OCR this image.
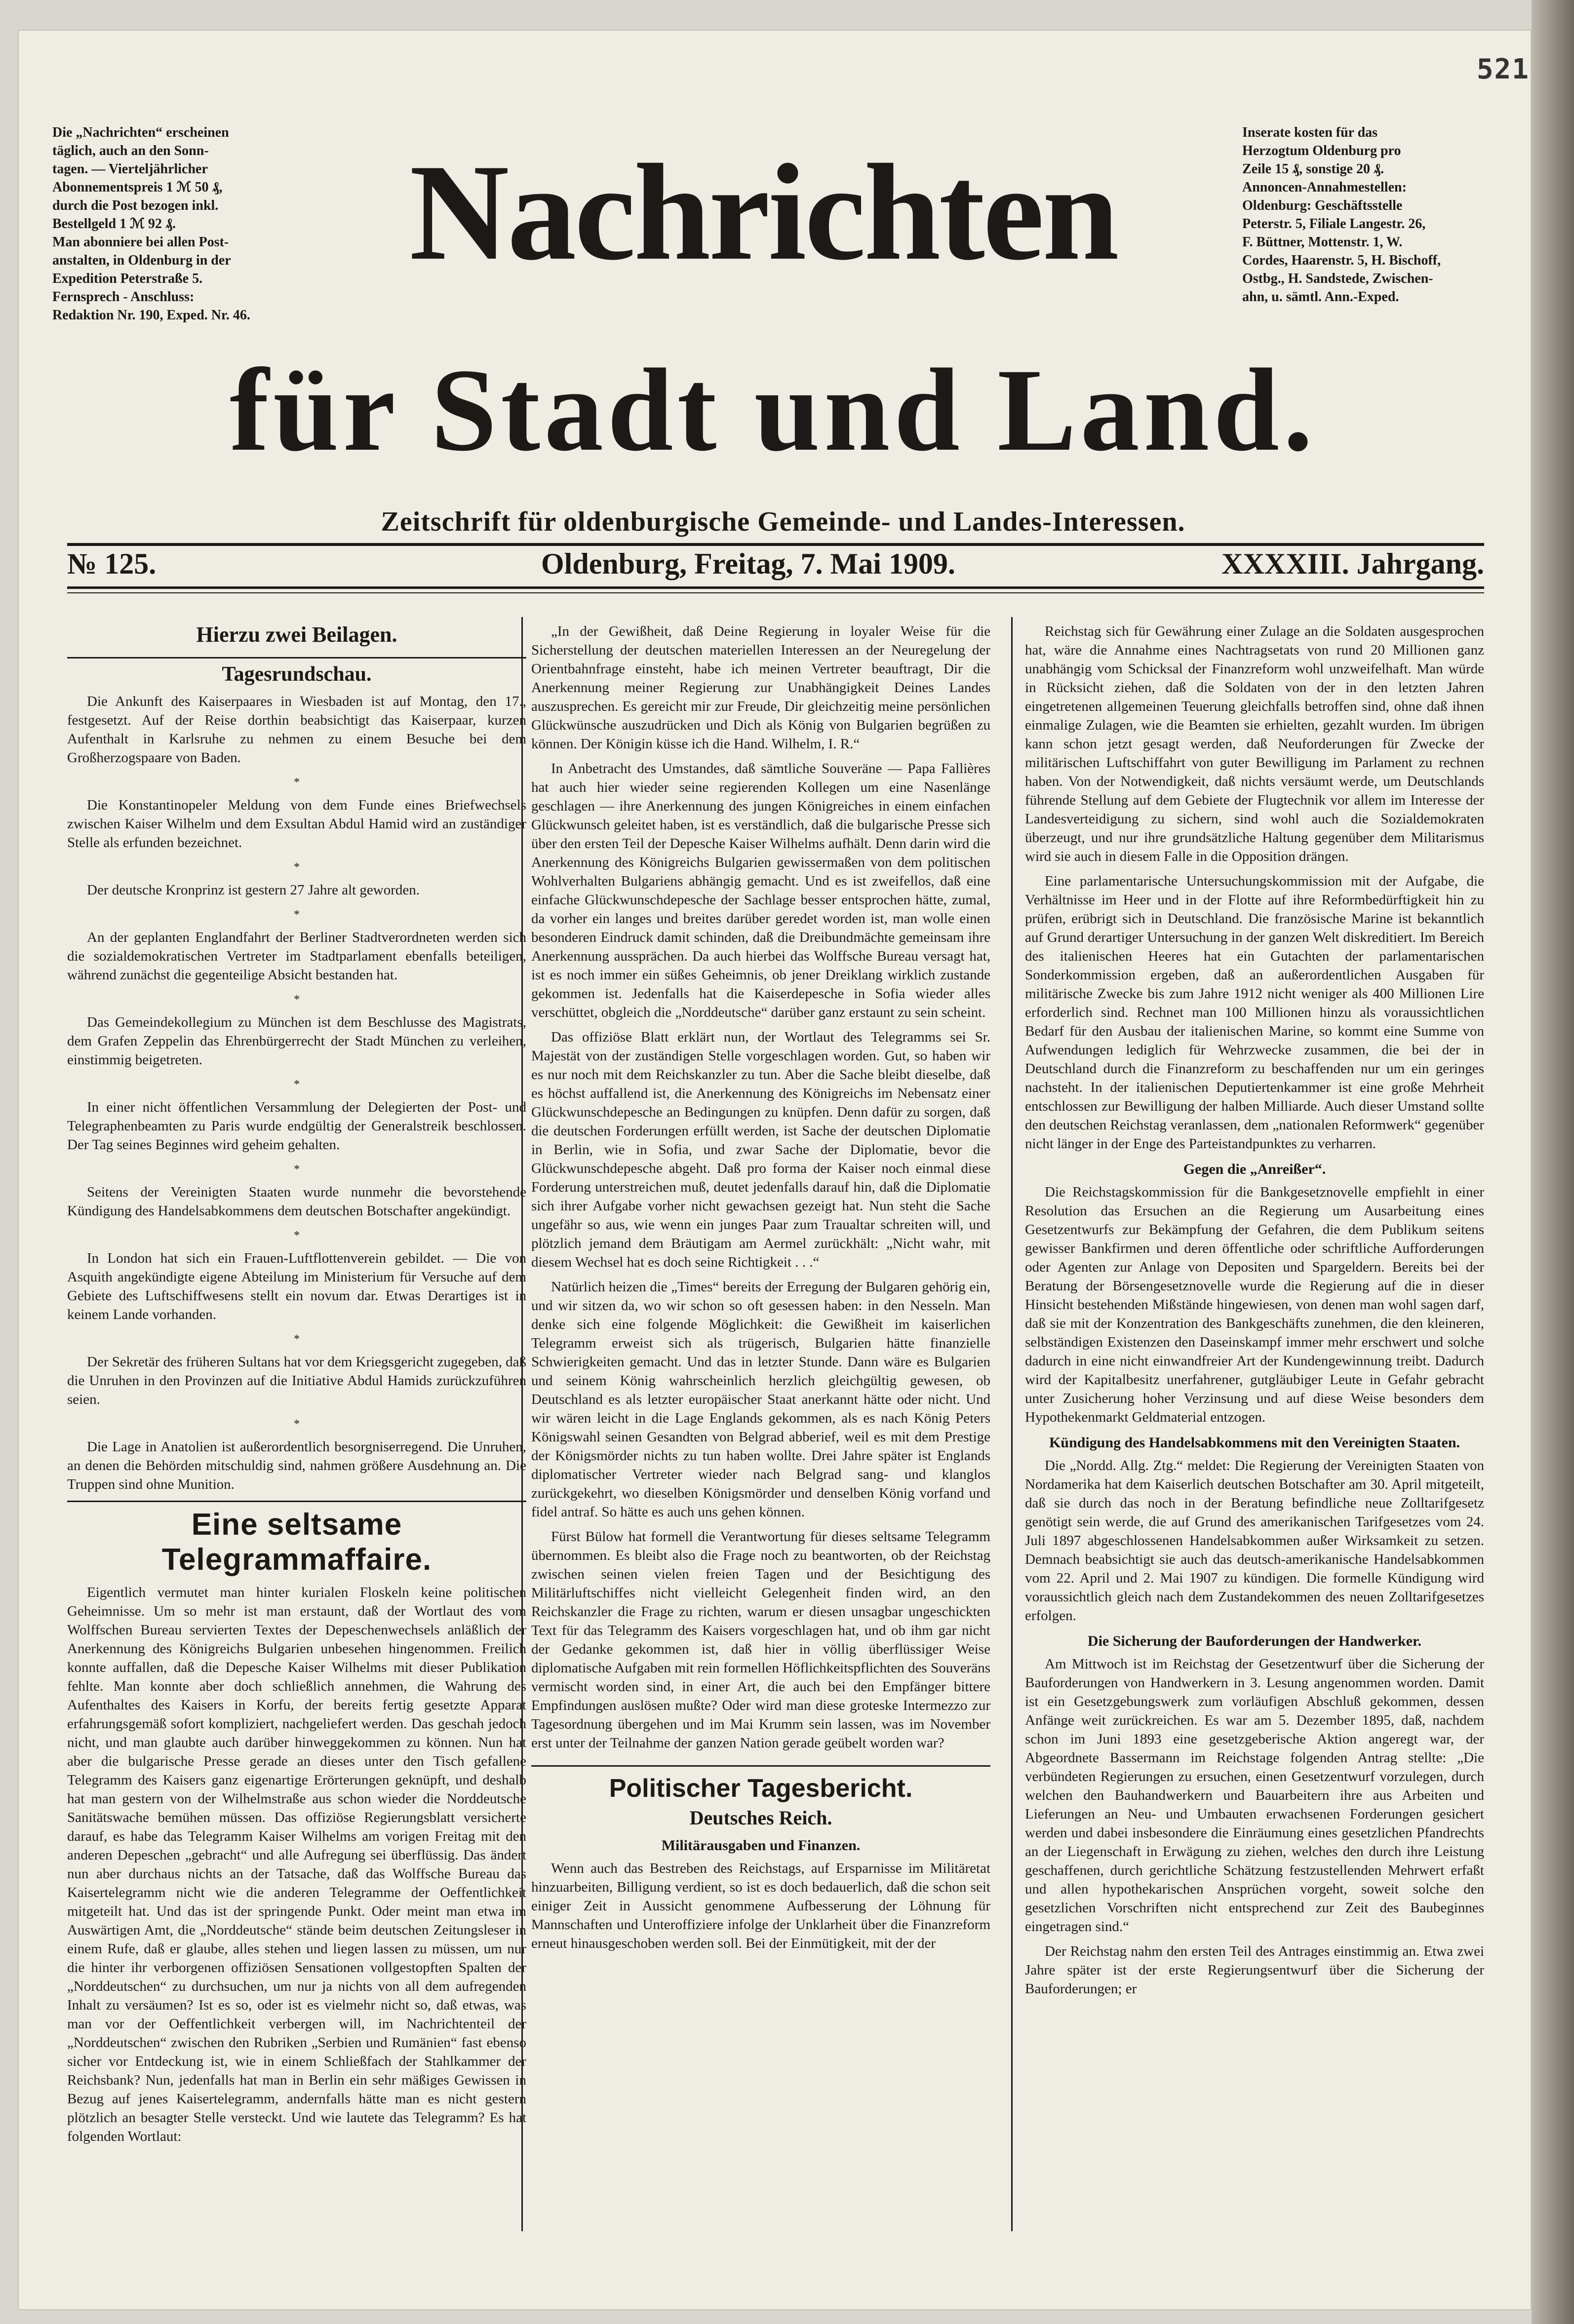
Die „Nachrichten“ erscheinen

täglich, auch an den Sonn-

tagen. — Vierteljährlicher

Abonnementspreis 1 ℳ 50 ₰,

durch die Post bezogen inkl.

Bestellgeld 1 ℳ 92 ₰.

Man abonniere bei allen Post-

anstalten, in Oldenburg in der

Expedition Peterstraße 5.

Fernsprech - Anschluss:

Redaktion Nr. 190, Exped. Nr. 46.

Inserate kosten für das

Herzogtum Oldenburg pro

Zeile 15 ₰, sonstige 20 ₰.

Annoncen-Annahmestellen:

Oldenburg: Geschäftsstelle

Peterstr. 5, Filiale Langestr. 26,

F. Büttner, Mottenstr. 1, W.

Cordes, Haarenstr. 5, H. Bischoff,

Ostbg., H. Sandstede, Zwischen-

ahn, u. sämtl. Ann.-Exped.

Nachrichten
für Stadt und Land.
Zeitschrift für oldenburgische Gemeinde- und Landes-Interessen.
№ 125.	Oldenburg, Freitag, 7. Mai 1909.	XXXXIII. Jahrgang.
Hierzu zwei Beilagen.
Tagesrundschau.

Die Ankunft des Kaiserpaares in Wiesbaden ist auf Montag, den 17., festgesetzt. Auf der Reise dorthin beabsichtigt das Kaiserpaar, kurzen Aufenthalt in Karlsruhe zu nehmen zu einem Besuche bei dem Großherzogspaare von Baden.

*

Die Konstantinopeler Meldung von dem Funde eines Briefwechsels zwischen Kaiser Wilhelm und dem Exsultan Abdul Hamid wird an zuständiger Stelle als erfunden bezeichnet.

*

Der deutsche Kronprinz ist gestern 27 Jahre alt geworden.

*

An der geplanten Englandfahrt der Berliner Stadtverordneten werden sich die sozialdemokratischen Vertreter im Stadtparlament ebenfalls beteiligen, während zunächst die gegenteilige Absicht bestanden hat.

*

Das Gemeindekollegium zu München ist dem Beschlusse des Magistrats, dem Grafen Zeppelin das Ehrenbürgerrecht der Stadt München zu verleihen, einstimmig beigetreten.

*

In einer nicht öffentlichen Versammlung der Delegierten der Post- und Telegraphenbeamten zu Paris wurde endgültig der Generalstreik beschlossen. Der Tag seines Beginnes wird geheim gehalten.

*

Seitens der Vereinigten Staaten wurde nunmehr die bevorstehende Kündigung des Handelsabkommens dem deutschen Botschafter angekündigt.

*

In London hat sich ein Frauen-Luftflottenverein gebildet. — Die von Asquith angekündigte eigene Abteilung im Ministerium für Versuche auf dem Gebiete des Luftschiffwesens stellt ein novum dar. Etwas Derartiges ist in keinem Lande vorhanden.

*

Der Sekretär des früheren Sultans hat vor dem Kriegsgericht zugegeben, daß die Unruhen in den Provinzen auf die Initiative Abdul Hamids zurückzuführen seien.

*

Die Lage in Anatolien ist außerordentlich besorgniserregend. Die Unruhen, an denen die Behörden mitschuldig sind, nahmen größere Ausdehnung an. Die Truppen sind ohne Munition.

Eine seltsame Telegrammaffaire.

Eigentlich vermutet man hinter kurialen Floskeln keine politischen Geheimnisse. Um so mehr ist man erstaunt, daß der Wortlaut des vom Wolffschen Bureau servierten Textes der Depeschenwechsels anläßlich der Anerkennung des Königreichs Bulgarien unbesehen hingenommen. Freilich konnte auffallen, daß die Depesche Kaiser Wilhelms mit dieser Publikation fehlte. Man konnte aber doch schließlich annehmen, die Wahrung des Aufenthaltes des Kaisers in Korfu, der bereits fertig gesetzte Apparat erfahrungsgemäß sofort kompliziert, nachgeliefert werden. Das geschah jedoch nicht, und man glaubte auch darüber hinweggekommen zu können. Nun hat aber die bulgarische Presse gerade an dieses unter den Tisch gefallene Telegramm des Kaisers ganz eigenartige Erörterungen geknüpft, und deshalb hat man gestern von der Wilhelmstraße aus schon wieder die Norddeutsche Sanitätswache bemühen müssen. Das offiziöse Regierungsblatt versicherte darauf, es habe das Telegramm Kaiser Wilhelms am vorigen Freitag mit den anderen Depeschen „gebracht“ und alle Aufregung sei überflüssig. Das ändert nun aber durchaus nichts an der Tatsache, daß das Wolffsche Bureau das Kaisertelegramm nicht wie die anderen Telegramme der Oeffentlichkeit mitgeteilt hat. Und das ist der springende Punkt. Oder meint man etwa im Auswärtigen Amt, die „Norddeutsche“ stände beim deutschen Zeitungsleser in einem Rufe, daß er glaube, alles stehen und liegen lassen zu müssen, um nur die hinter ihr verborgenen offiziösen Sensationen vollgestopften Spalten der „Norddeutschen“ zu durchsuchen, um nur ja nichts von all dem aufregenden Inhalt zu versäumen? Ist es so, oder ist es vielmehr nicht so, daß etwas, was man vor der Oeffentlichkeit verbergen will, im Nachrichtenteil der „Norddeutschen“ zwischen den Rubriken „Serbien und Rumänien“ fast ebenso sicher vor Entdeckung ist, wie in einem Schließfach der Stahlkammer der Reichsbank? Nun, jedenfalls hat man in Berlin ein sehr mäßiges Gewissen in Bezug auf jenes Kaisertelegramm, andernfalls hätte man es nicht gestern plötzlich an besagter Stelle versteckt. Und wie lautete das Telegramm? Es hat folgenden Wortlaut:

„In der Gewißheit, daß Deine Regierung in loyaler Weise für die Sicherstellung der deutschen materiellen Interessen an der Neuregelung der Orientbahnfrage einsteht, habe ich meinen Vertreter beauftragt, Dir die Anerkennung meiner Regierung zur Unabhängigkeit Deines Landes auszusprechen. Es gereicht mir zur Freude, Dir gleichzeitig meine persönlichen Glückwünsche auszudrücken und Dich als König von Bulgarien begrüßen zu können. Der Königin küsse ich die Hand. Wilhelm, I. R.“

In Anbetracht des Umstandes, daß sämtliche Souveräne — Papa Fallières hat auch hier wieder seine regierenden Kollegen um eine Nasenlänge geschlagen — ihre Anerkennung des jungen Königreiches in einem einfachen Glückwunsch geleitet haben, ist es verständlich, daß die bulgarische Presse sich über den ersten Teil der Depesche Kaiser Wilhelms aufhält. Denn darin wird die Anerkennung des Königreichs Bulgarien gewissermaßen von dem politischen Wohlverhalten Bulgariens abhängig gemacht. Und es ist zweifellos, daß eine einfache Glückwunschdepesche der Sachlage besser entsprochen hätte, zumal, da vorher ein langes und breites darüber geredet worden ist, man wolle einen besonderen Eindruck damit schinden, daß die Dreibundmächte gemeinsam ihre Anerkennung aussprächen. Da auch hierbei das Wolffsche Bureau versagt hat, ist es noch immer ein süßes Geheimnis, ob jener Dreiklang wirklich zustande gekommen ist. Jedenfalls hat die Kaiserdepesche in Sofia wieder alles verschüttet, obgleich die „Norddeutsche“ darüber ganz erstaunt zu sein scheint.

Das offiziöse Blatt erklärt nun, der Wortlaut des Telegramms sei Sr. Majestät von der zuständigen Stelle vorgeschlagen worden. Gut, so haben wir es nur noch mit dem Reichskanzler zu tun. Aber die Sache bleibt dieselbe, daß es höchst auffallend ist, die Anerkennung des Königreichs im Nebensatz einer Glückwunschdepesche an Bedingungen zu knüpfen. Denn dafür zu sorgen, daß die deutschen Forderungen erfüllt werden, ist Sache der deutschen Diplomatie in Berlin, wie in Sofia, und zwar Sache der Diplomatie, bevor die Glückwunschdepesche abgeht. Daß pro forma der Kaiser noch einmal diese Forderung unterstreichen muß, deutet jedenfalls darauf hin, daß die Diplomatie sich ihrer Aufgabe vorher nicht gewachsen gezeigt hat. Nun steht die Sache ungefähr so aus, wie wenn ein junges Paar zum Traualtar schreiten will, und plötzlich jemand dem Bräutigam am Aermel zurückhält: „Nicht wahr, mit diesem Wechsel hat es doch seine Richtigkeit . . .“

Natürlich heizen die „Times“ bereits der Erregung der Bulgaren gehörig ein, und wir sitzen da, wo wir schon so oft gesessen haben: in den Nesseln. Man denke sich eine folgende Möglichkeit: die Gewißheit im kaiserlichen Telegramm erweist sich als trügerisch, Bulgarien hätte finanzielle Schwierigkeiten gemacht. Und das in letzter Stunde. Dann wäre es Bulgarien und seinem König wahrscheinlich herzlich gleichgültig gewesen, ob Deutschland es als letzter europäischer Staat anerkannt hätte oder nicht. Und wir wären leicht in die Lage Englands gekommen, als es nach König Peters Königswahl seinen Gesandten von Belgrad abberief, weil es mit dem Prestige der Königsmörder nichts zu tun haben wollte. Drei Jahre später ist Englands diplomatischer Vertreter wieder nach Belgrad sang- und klanglos zurückgekehrt, wo dieselben Königsmörder und denselben König vorfand und fidel antraf. So hätte es auch uns gehen können.

Fürst Bülow hat formell die Verantwortung für dieses seltsame Telegramm übernommen. Es bleibt also die Frage noch zu beantworten, ob der Reichstag zwischen seinen vielen freien Tagen und der Besichtigung des Militärluftschiffes nicht vielleicht Gelegenheit finden wird, an den Reichskanzler die Frage zu richten, warum er diesen unsagbar ungeschickten Text für das Telegramm des Kaisers vorgeschlagen hat, und ob ihm gar nicht der Gedanke gekommen ist, daß hier in völlig überflüssiger Weise diplomatische Aufgaben mit rein formellen Höflichkeitspflichten des Souveräns vermischt worden sind, in einer Art, die auch bei den Empfänger bittere Empfindungen auslösen mußte? Oder wird man diese groteske Intermezzo zur Tagesordnung übergehen und im Mai Krumm sein lassen, was im November erst unter der Teilnahme der ganzen Nation gerade geübelt worden war?

Politischer Tagesbericht.
Deutsches Reich.
Militärausgaben und Finanzen.

Wenn auch das Bestreben des Reichstags, auf Ersparnisse im Militäretat hinzuarbeiten, Billigung verdient, so ist es doch bedauerlich, daß die schon seit einiger Zeit in Aussicht genommene Aufbesserung der Löhnung für Mannschaften und Unteroffiziere infolge der Unklarheit über die Finanzreform erneut hinausgeschoben werden soll. Bei der Einmütigkeit, mit der der

Reichstag sich für Gewährung einer Zulage an die Soldaten ausgesprochen hat, wäre die Annahme eines Nachtragsetats von rund 20 Millionen ganz unabhängig vom Schicksal der Finanzreform wohl unzweifelhaft. Man würde in Rücksicht ziehen, daß die Soldaten von der in den letzten Jahren eingetretenen allgemeinen Teuerung gleichfalls betroffen sind, ohne daß ihnen einmalige Zulagen, wie die Beamten sie erhielten, gezahlt wurden. Im übrigen kann schon jetzt gesagt werden, daß Neuforderungen für Zwecke der militärischen Luftschiffahrt von guter Bewilligung im Parlament zu rechnen haben. Von der Notwendigkeit, daß nichts versäumt werde, um Deutschlands führende Stellung auf dem Gebiete der Flugtechnik vor allem im Interesse der Landesverteidigung zu sichern, sind wohl auch die Sozialdemokraten überzeugt, und nur ihre grundsätzliche Haltung gegenüber dem Militarismus wird sie auch in diesem Falle in die Opposition drängen.

Eine parlamentarische Untersuchungskommission mit der Aufgabe, die Verhältnisse im Heer und in der Flotte auf ihre Reformbedürftigkeit hin zu prüfen, erübrigt sich in Deutschland. Die französische Marine ist bekanntlich auf Grund derartiger Untersuchung in der ganzen Welt diskreditiert. Im Bereich des italienischen Heeres hat ein Gutachten der parlamentarischen Sonderkommission ergeben, daß an außerordentlichen Ausgaben für militärische Zwecke bis zum Jahre 1912 nicht weniger als 400 Millionen Lire erforderlich sind. Rechnet man 100 Millionen hinzu als voraussichtlichen Bedarf für den Ausbau der italienischen Marine, so kommt eine Summe von Aufwendungen lediglich für Wehrzwecke zusammen, die bei der in Deutschland durch die Finanzreform zu beschaffenden nur um ein geringes nachsteht. In der italienischen Deputiertenkammer ist eine große Mehrheit entschlossen zur Bewilligung der halben Milliarde. Auch dieser Umstand sollte den deutschen Reichstag veranlassen, dem „nationalen Reformwerk“ gegenüber nicht länger in der Enge des Parteistandpunktes zu verharren.

Gegen die „Anreißer“.

Die Reichstagskommission für die Bankgesetznovelle empfiehlt in einer Resolution das Ersuchen an die Regierung um Ausarbeitung eines Gesetzentwurfs zur Bekämpfung der Gefahren, die dem Publikum seitens gewisser Bankfirmen und deren öffentliche oder schriftliche Aufforderungen oder Agenten zur Anlage von Depositen und Spargeldern. Bereits bei der Beratung der Börsengesetznovelle wurde die Regierung auf die in dieser Hinsicht bestehenden Mißstände hingewiesen, von denen man wohl sagen darf, daß sie mit der Konzentration des Bankgeschäfts zunehmen, die den kleineren, selbständigen Existenzen den Daseinskampf immer mehr erschwert und solche dadurch in eine nicht einwandfreier Art der Kundengewinnung treibt. Dadurch wird der Kapitalbesitz unerfahrener, gutgläubiger Leute in Gefahr gebracht unter Zusicherung hoher Verzinsung und auf diese Weise besonders dem Hypothekenmarkt Geldmaterial entzogen.

Kündigung des Handelsabkommens mit den Vereinigten Staaten.

Die „Nordd. Allg. Ztg.“ meldet: Die Regierung der Vereinigten Staaten von Nordamerika hat dem Kaiserlich deutschen Botschafter am 30. April mitgeteilt, daß sie durch das noch in der Beratung befindliche neue Zolltarifgesetz genötigt sein werde, die auf Grund des amerikanischen Tarifgesetzes vom 24. Juli 1897 abgeschlossenen Handelsabkommen außer Wirksamkeit zu setzen. Demnach beabsichtigt sie auch das deutsch-amerikanische Handelsabkommen vom 22. April und 2. Mai 1907 zu kündigen. Die formelle Kündigung wird voraussichtlich gleich nach dem Zustandekommen des neuen Zolltarifgesetzes erfolgen.

Die Sicherung der Bauforderungen der Handwerker.

Am Mittwoch ist im Reichstag der Gesetzentwurf über die Sicherung der Bauforderungen von Handwerkern in 3. Lesung angenommen worden. Damit ist ein Gesetzgebungswerk zum vorläufigen Abschluß gekommen, dessen Anfänge weit zurückreichen. Es war am 5. Dezember 1895, daß, nachdem schon im Juni 1893 eine gesetzgeberische Aktion angeregt war, der Abgeordnete Bassermann im Reichstage folgenden Antrag stellte: „Die verbündeten Regierungen zu ersuchen, einen Gesetzentwurf vorzulegen, durch welchen den Bauhandwerkern und Bauarbeitern ihre aus Arbeiten und Lieferungen an Neu- und Umbauten erwachsenen Forderungen gesichert werden und dabei insbesondere die Einräumung eines gesetzlichen Pfandrechts an der Liegenschaft in Erwägung zu ziehen, welches den durch ihre Leistung geschaffenen, durch gerichtliche Schätzung festzustellenden Mehrwert erfaßt und allen hypothekarischen Ansprüchen vorgeht, soweit solche den gesetzlichen Vorschriften nicht entsprechend zur Zeit des Baubeginnes eingetragen sind.“

Der Reichstag nahm den ersten Teil des Antrages einstimmig an. Etwa zwei Jahre später ist der erste Regierungsentwurf über die Sicherung der Bauforderungen; er

521
